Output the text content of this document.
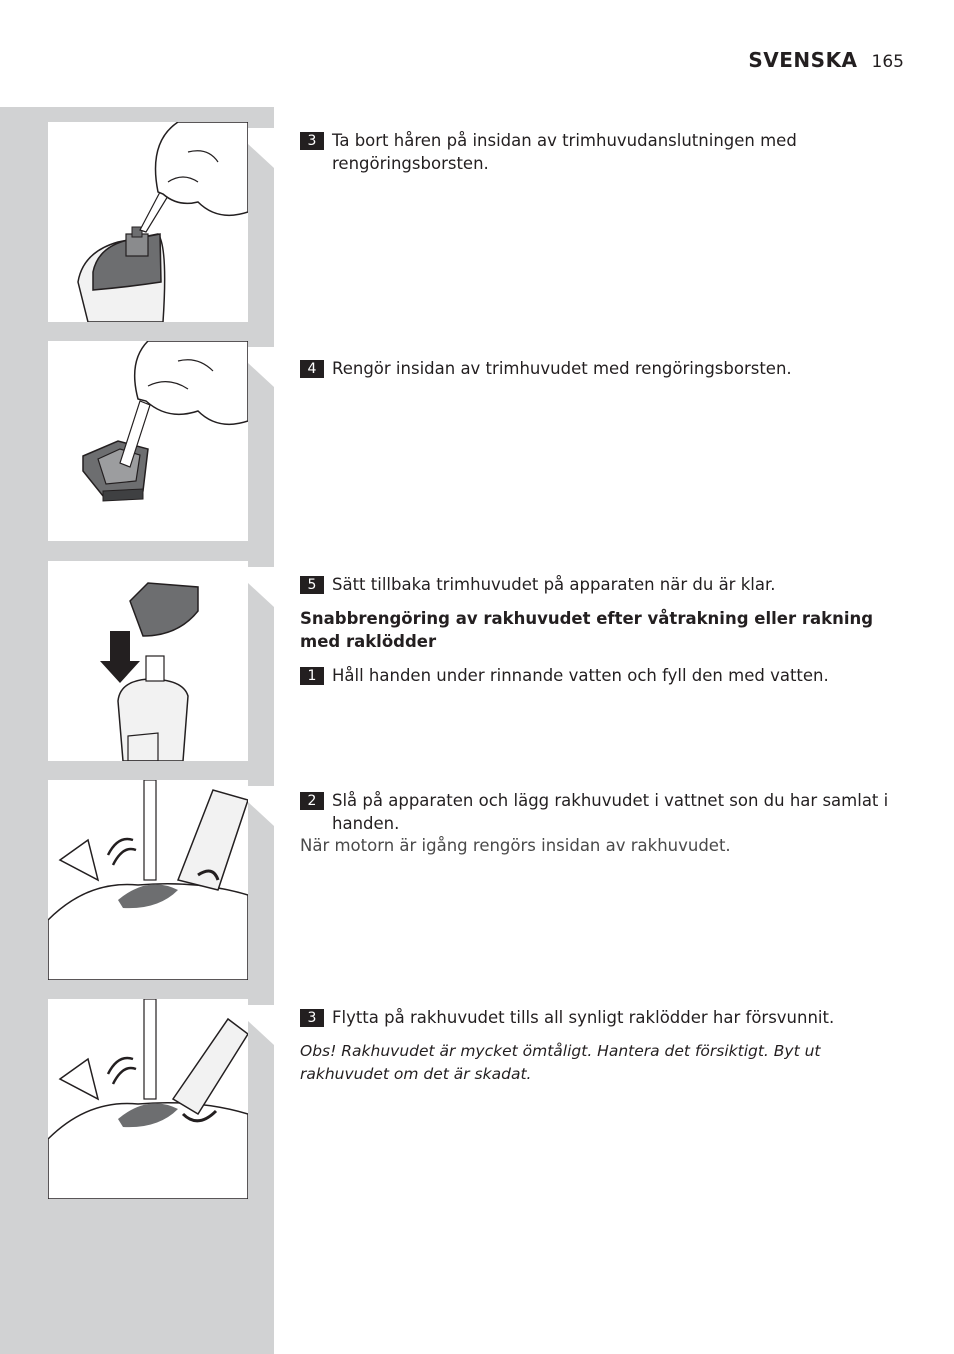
SVENSKA 165
3 Ta bort håren på insidan av trimhuvudanslutningen med rengöringsborsten.
4 Rengör insidan av trimhuvudet med rengöringsborsten.
5 Sätt tillbaka trimhuvudet på apparaten när du är klar.
Snabbrengöring av rakhuvudet efter våtrakning eller rakning med raklödder
1 Håll handen under rinnande vatten och fyll den med vatten.
2 Slå på apparaten och lägg rakhuvudet i vattnet son du har samlat i handen.
När motorn är igång rengörs insidan av rakhuvudet.
3 Flytta på rakhuvudet tills all synligt raklödder har försvunnit.
Obs! Rakhuvudet är mycket ömtåligt. Hantera det försiktigt. Byt ut rakhuvudet om det är skadat.
